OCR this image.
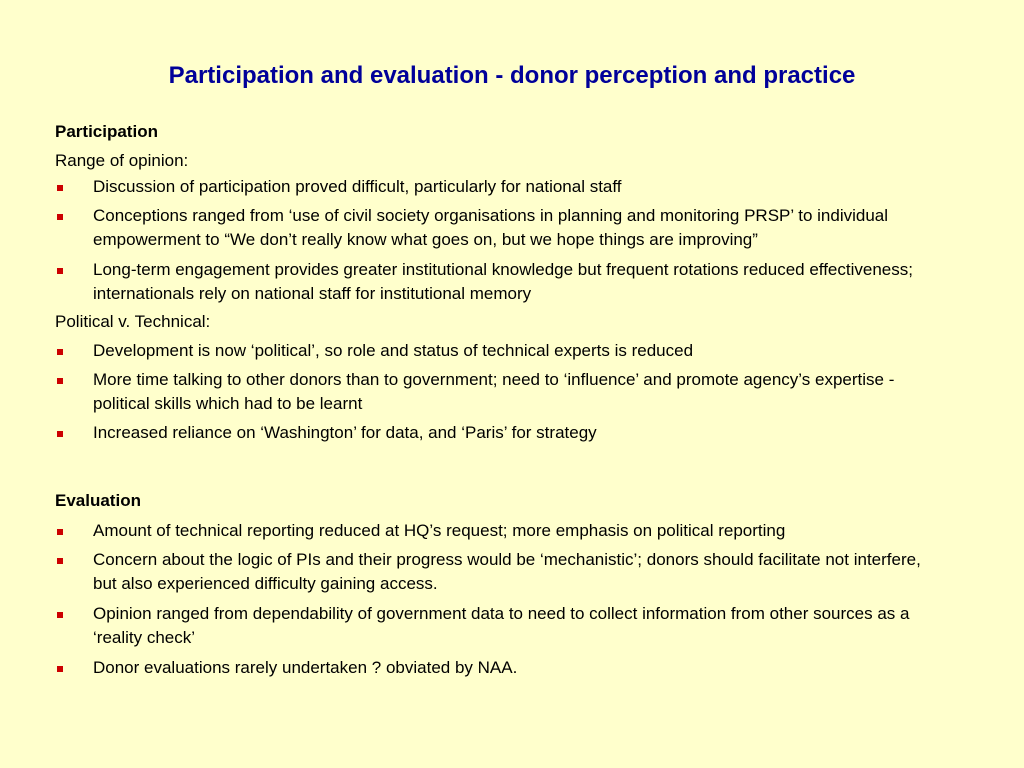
Participation and evaluation - donor perception and practice
Participation
Range of opinion:
Discussion of participation proved difficult, particularly for national staff
Conceptions ranged from ‘use of civil society organisations in planning and monitoring PRSP’ to individual empowerment to “We don’t really know what goes on, but we hope things are improving”
Long-term engagement provides greater institutional knowledge but frequent rotations reduced effectiveness; internationals rely on national staff for institutional memory
Political v. Technical:
Development is now ‘political’, so role and status of technical experts is reduced
More time talking to other donors than to government; need to ‘influence’ and promote agency’s expertise - political skills which had to be learnt
Increased reliance on ‘Washington’ for data, and ‘Paris’ for strategy
Evaluation
Amount of technical reporting reduced at HQ’s request; more emphasis on political reporting
Concern about the logic of PIs and their progress would be ‘mechanistic’; donors should facilitate not interfere, but also experienced difficulty gaining access.
Opinion ranged from dependability of government data to need to collect information from other sources as a ‘reality check’
Donor evaluations rarely undertaken ? obviated by NAA.
